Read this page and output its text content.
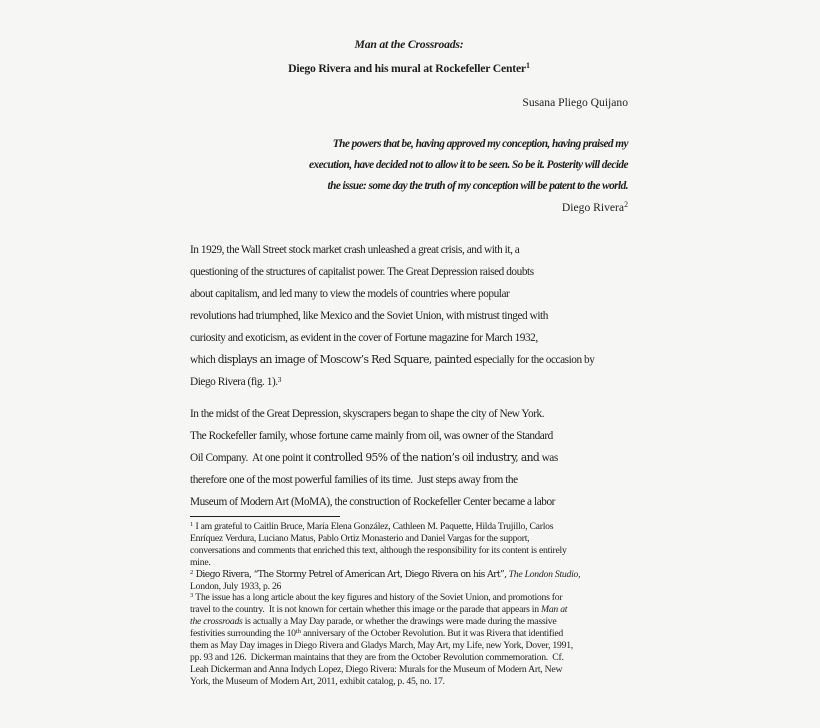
Man at the Crossroads:
Diego Rivera and his mural at Rockefeller Center$^1$
Susana Pliego Quijano
The powers that be, having approved my conception, having praised my
execution, have decided not to allow it to be seen. So be it. Posterity will decide
the issue: some day the truth of my conception will be patent to the world.
Diego Rivera$^2$
In 1929, the Wall Street stock market crash unleashed a great crisis, and with it, a
questioning of the structures of capitalist power. The Great Depression raised doubts
about capitalism, and led many to view the models of countries where popular
revolutions had triumphed, like Mexico and the Soviet Union, with mistrust tinged with
curiosity and exoticism, as evident in the cover of Fortune magazine for March 1932,
which displays an image of Moscow’s Red Square, painted especially for the occasion by
Diego Rivera (fig. 1).$^3$
In the midst of the Great Depression, skyscrapers began to shape the city of New York.
The Rockefeller family, whose fortune came mainly from oil, was owner of the Standard
Oil Company.  At one point it controlled 95% of the nation’s oil industry, and was
therefore one of the most powerful families of its time.  Just steps away from the
Museum of Modern Art (MoMA), the construction of Rockefeller Center became a labor
$^1$ I am grateful to Caitlin Bruce, María Elena González, Cathleen M. Paquette, Hilda Trujillo, Carlos
Enríquez Verdura, Luciano Matus, Pablo Ortiz Monasterio and Daniel Vargas for the support,
conversations and comments that enriched this text, although the responsibility for its content is entirely
mine.
$^2$ Diego Rivera, “The Stormy Petrel of American Art, Diego Rivera on his Art”, The London Studio,
London, July 1933, p. 26
$^3$ The issue has a long article about the key figures and history of the Soviet Union, and promotions for
travel to the country.  It is not known for certain whether this image or the parade that appears in Man at
the crossroads is actually a May Day parade, or whether the drawings were made during the massive
festivities surrounding the 10th anniversary of the October Revolution. But it was Rivera that identified
them as May Day images in Diego Rivera and Gladys March, May Art, my Life, new York, Dover, 1991,
pp. 93 and 126.  Dickerman maintains that they are from the October Revolution commemoration.  Cf.
Leah Dickerman and Anna Indych Lopez, Diego Rivera: Murals for the Museum of Modern Art, New
York, the Museum of Modern Art, 2011, exhibit catalog, p. 45, no. 17.
